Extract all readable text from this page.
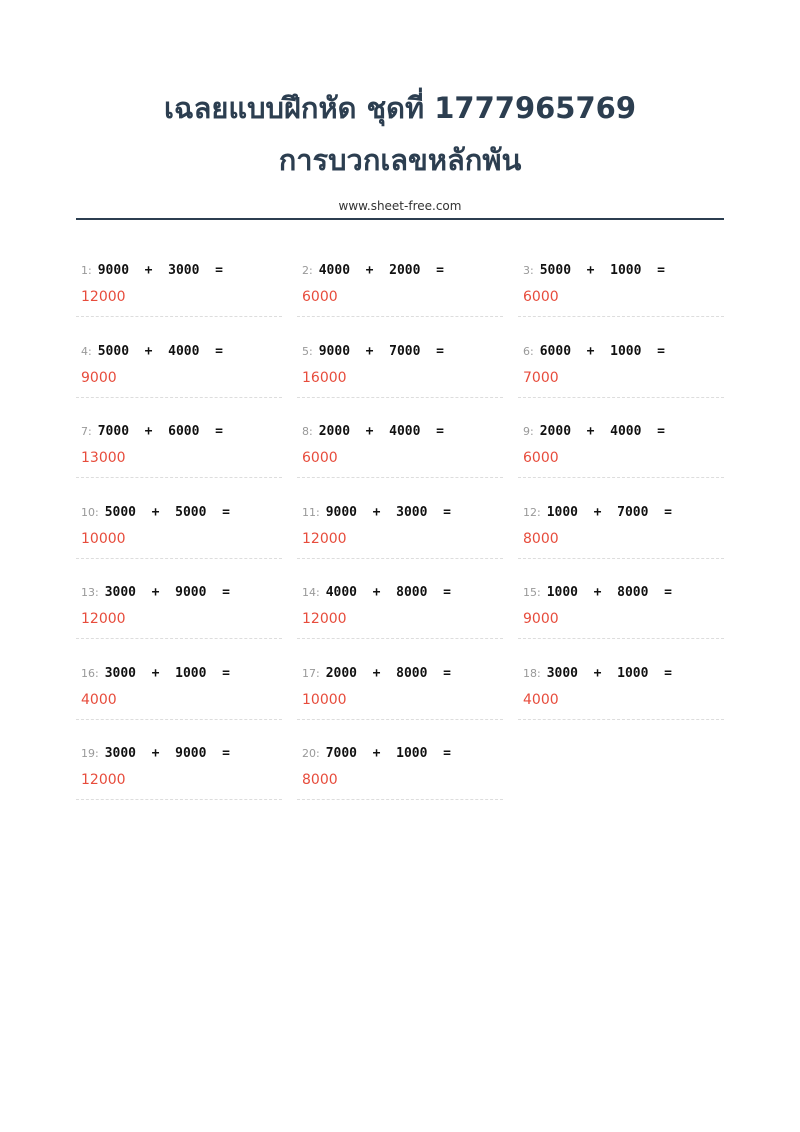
เฉลยแบบฝึกหัด ชุดที่ 1777965769
การบวกเลขหลักพัน
www.sheet-free.com
1: 9000  +  3000  =
12000
2: 4000  +  2000  =
6000
3: 5000  +  1000  =
6000
4: 5000  +  4000  =
9000
5: 9000  +  7000  =
16000
6: 6000  +  1000  =
7000
7: 7000  +  6000  =
13000
8: 2000  +  4000  =
6000
9: 2000  +  4000  =
6000
10: 5000  +  5000  =
10000
11: 9000  +  3000  =
12000
12: 1000  +  7000  =
8000
13: 3000  +  9000  =
12000
14: 4000  +  8000  =
12000
15: 1000  +  8000  =
9000
16: 3000  +  1000  =
4000
17: 2000  +  8000  =
10000
18: 3000  +  1000  =
4000
19: 3000  +  9000  =
12000
20: 7000  +  1000  =
8000
